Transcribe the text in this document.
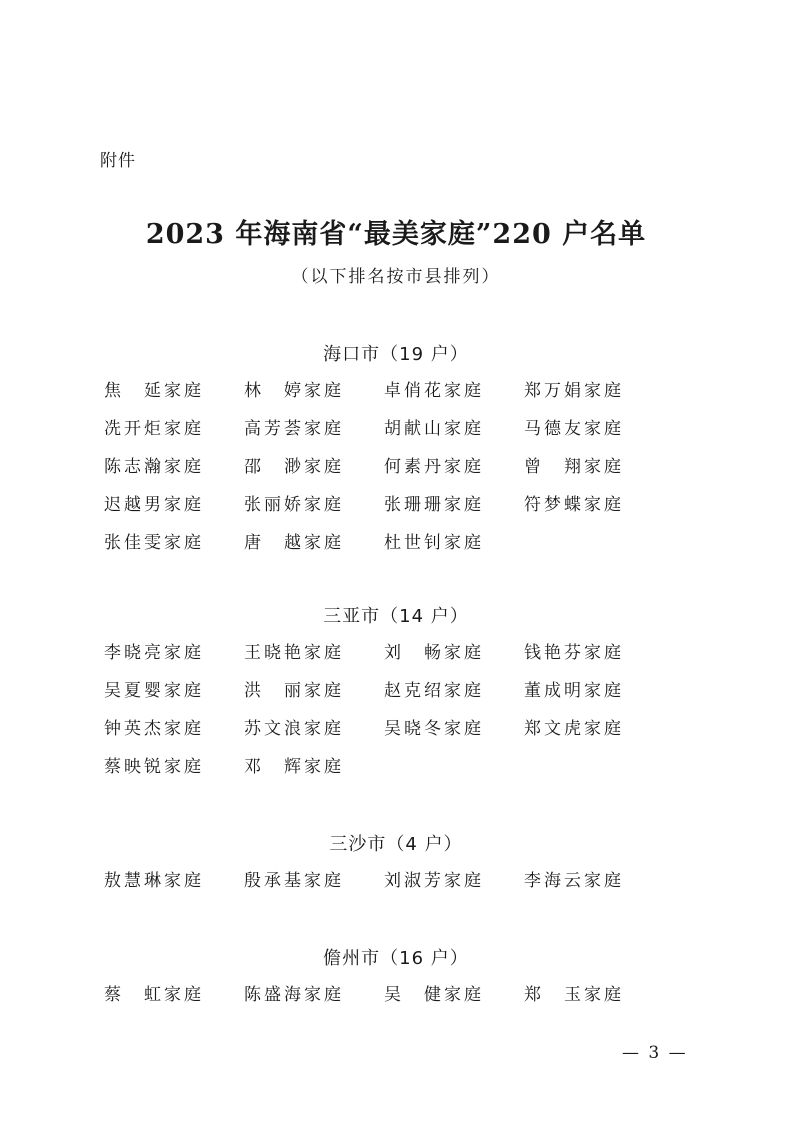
附件
2023 年海南省“最美家庭”220 户名单
（以下排名按市县排列）
海口市（19 户）
焦　延家庭	林　婷家庭	卓俏花家庭	郑万娟家庭
冼开炬家庭	高芳荟家庭	胡献山家庭	马德友家庭
陈志瀚家庭	邵　渺家庭	何素丹家庭	曾　翔家庭
迟越男家庭	张丽娇家庭	张珊珊家庭	符梦蝶家庭
张佳雯家庭	唐　越家庭	杜世钊家庭
三亚市（14 户）
李晓亮家庭	王晓艳家庭	刘　畅家庭	钱艳芬家庭
吴夏婴家庭	洪　丽家庭	赵克绍家庭	董成明家庭
钟英杰家庭	苏文浪家庭	吴晓冬家庭	郑文虎家庭
蔡映锐家庭	邓　辉家庭
三沙市（4 户）
敖慧琳家庭	殷承基家庭	刘淑芳家庭	李海云家庭
儋州市（16 户）
蔡　虹家庭	陈盛海家庭	吴　健家庭	郑　玉家庭
— 3 —
